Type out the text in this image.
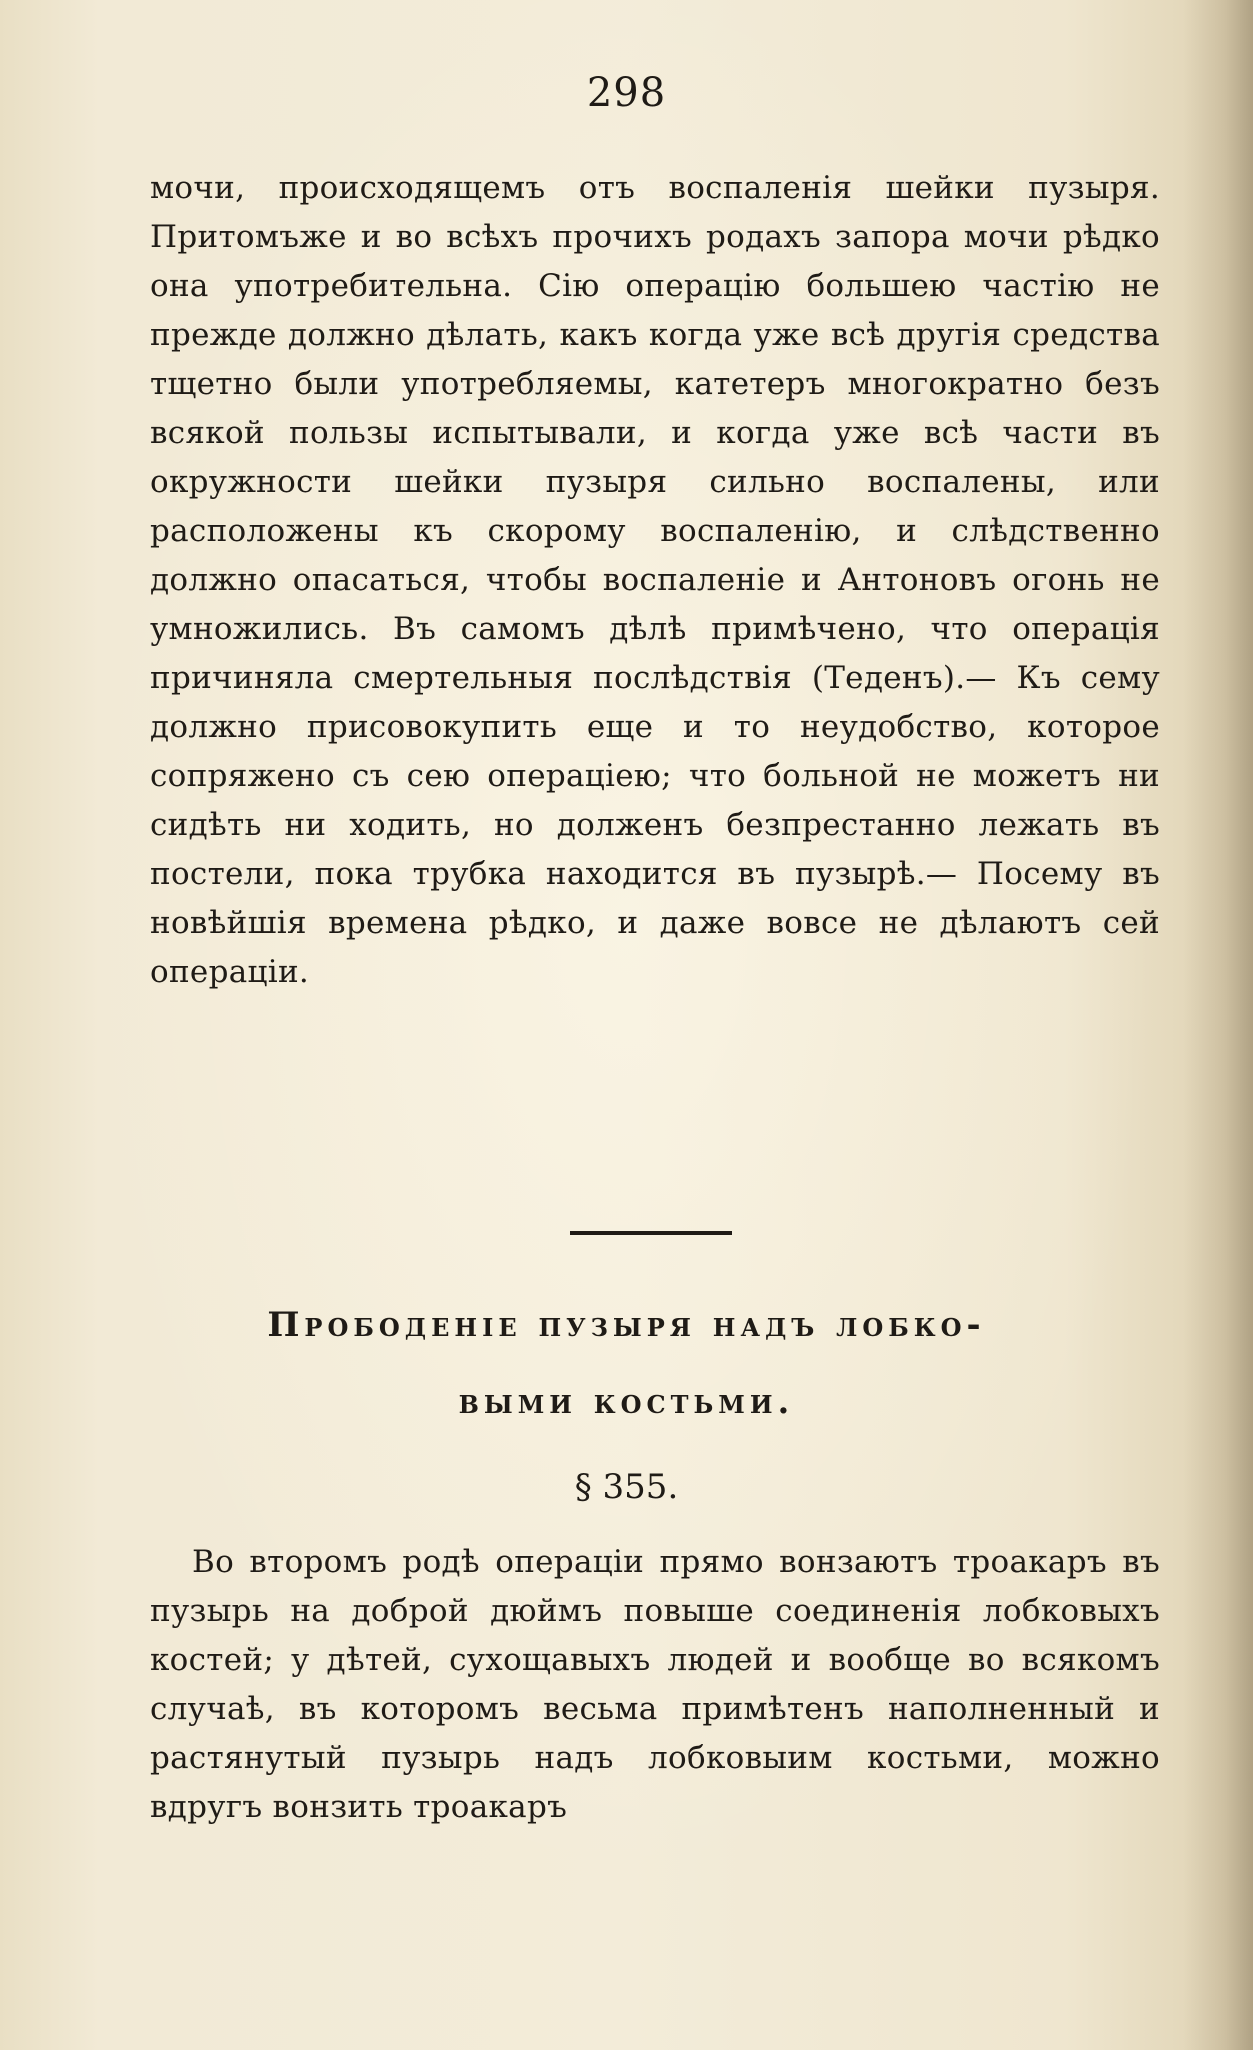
298

мочи, происходящемъ отъ воспаленія шейки пузыря. Притомъже и во всѣхъ прочихъ родахъ запора мочи рѣдко она употребительна. Сію операцію большею частію не прежде должно дѣлать, какъ когда уже всѣ другія средства тщетно были употребляемы, катетеръ многократно безъ всякой пользы испытывали, и когда уже всѣ части въ окружности шейки пузыря сильно воспалены, или расположены къ скорому воспаленію, и слѣдственно должно опасаться, чтобы воспаленіе и Антоновъ огонь не умножились. Въ самомъ дѣлѣ примѣчено, что операція причиняла смертельныя послѣдствія (Теденъ).— Къ сему должно присовокупить еще и то неудобство, которое сопряжено съ сею операціею; что больной не можетъ ни сидѣть ни ходить, но долженъ безпрестанно лежать въ постели, пока трубка находится въ пузырѣ.— Посему въ новѣйшія времена рѣдко, и даже вовсе не дѣлаютъ сей операціи.

Прободеніе пузыря надъ лобко-
выми костьми.
§ 355.

Во второмъ родѣ операціи прямо вонзаютъ троакаръ въ пузырь на доброй дюймъ повыше соединенія лобковыхъ костей; у дѣтей, сухощавыхъ людей и вообще во всякомъ случаѣ, въ которомъ весьма примѣтенъ наполненный и растянутый пузырь надъ лобковыим костьми, можно вдругъ вонзить троакаръ
